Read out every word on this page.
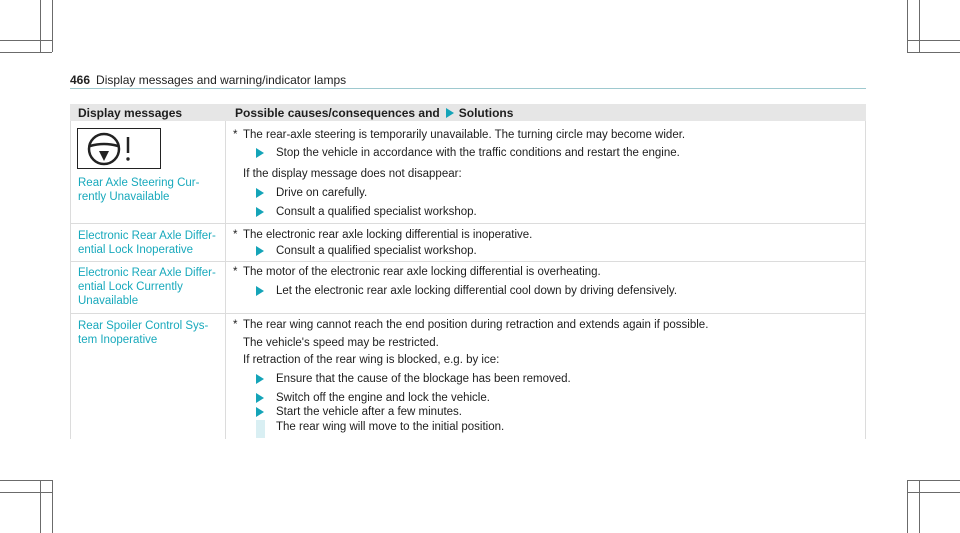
466 Display messages and warning/indicator lamps
Display messages	Possible causes/consequences and Solutions
Rear Axle Steering Cur-
rently Unavailable
* The rear-axle steering is temporarily unavailable. The turning circle may become wider.
Stop the vehicle in accordance with the traffic conditions and restart the engine.
If the display message does not disappear:
Drive on carefully.
Consult a qualified specialist workshop.
Electronic Rear Axle Differ-
ential Lock Inoperative
* The electronic rear axle locking differential is inoperative.
Consult a qualified specialist workshop.
Electronic Rear Axle Differ-
ential Lock Currently
Unavailable
* The motor of the electronic rear axle locking differential is overheating.
Let the electronic rear axle locking differential cool down by driving defensively.
Rear Spoiler Control Sys-
tem Inoperative
* The rear wing cannot reach the end position during retraction and extends again if possible.
The vehicle's speed may be restricted.
If retraction of the rear wing is blocked, e.g. by ice:
Ensure that the cause of the blockage has been removed.
Switch off the engine and lock the vehicle.
Start the vehicle after a few minutes.
The rear wing will move to the initial position.
